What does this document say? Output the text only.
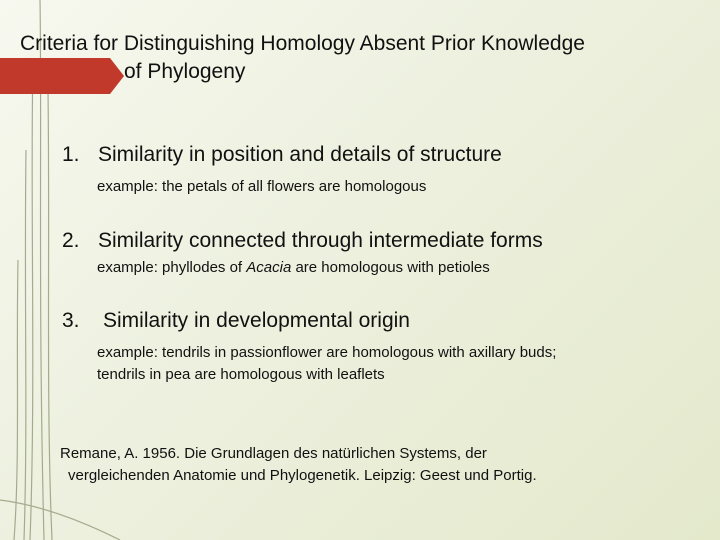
Criteria for Distinguishing Homology Absent Prior Knowledge
of Phylogeny
1. Similarity in position and details of structure
example: the petals of all flowers are homologous
2. Similarity connected through intermediate forms
example: phyllodes of Acacia are homologous with petioles
3. Similarity in developmental origin
example: tendrils in passionflower are homologous with axillary buds;
tendrils in pea are homologous with leaflets
Remane, A. 1956. Die Grundlagen des natürlichen Systems, der
vergleichenden Anatomie und Phylogenetik. Leipzig: Geest und Portig.
